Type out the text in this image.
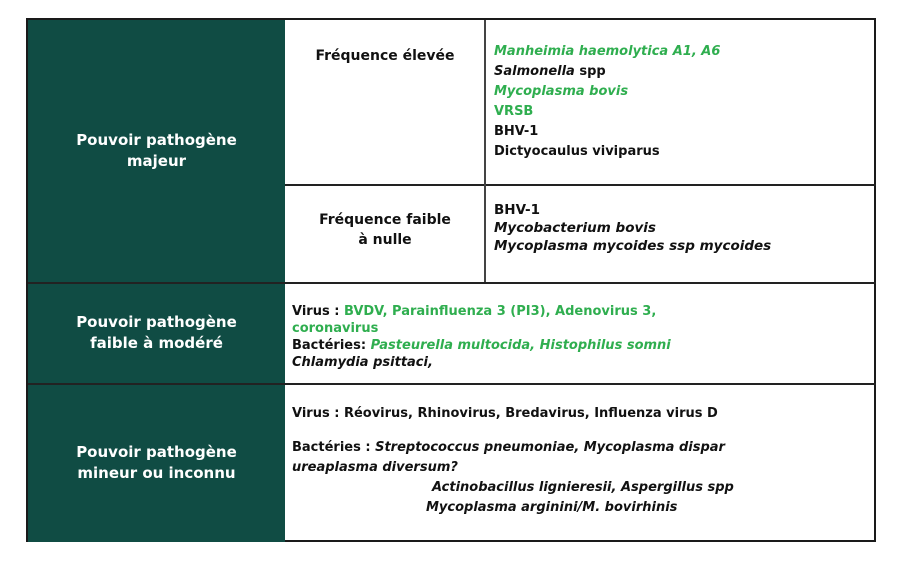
Pouvoir pathogène
majeur
Pouvoir pathogène
faible à modéré
Pouvoir pathogène
mineur ou inconnu
Fréquence élevée	Manheimia haemolytica A1, A6
Salmonella spp
Mycoplasma bovis
VRSB
BHV-1
Dictyocaulus viviparus
Fréquence faible
à nulle
BHV-1
Mycobacterium bovis
Mycoplasma mycoides ssp mycoides
Virus : BVDV, Parainfluenza 3 (PI3), Adenovirus 3,
coronavirus
Bactéries: Pasteurella multocida, Histophilus somni
Chlamydia psittaci,
Virus : Réovirus, Rhinovirus, Bredavirus, Influenza virus D
Bactéries : Streptococcus pneumoniae, Mycoplasma dispar
ureaplasma diversum?
Actinobacillus lignieresii, Aspergillus spp
Mycoplasma arginini/M. bovirhinis
